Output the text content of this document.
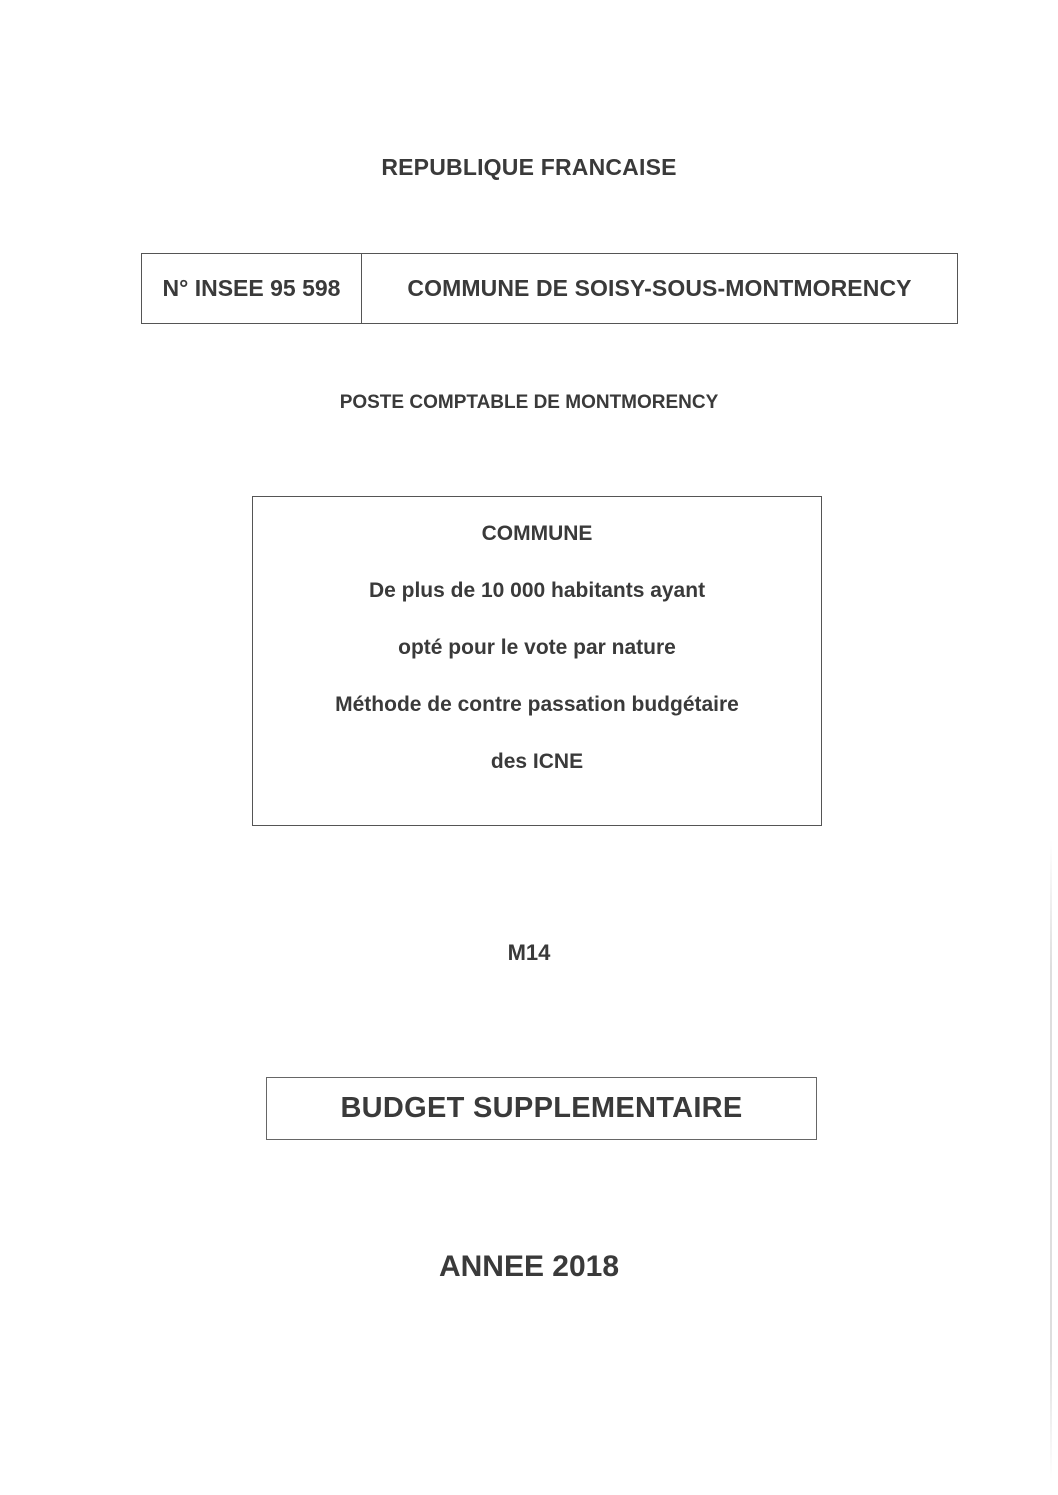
REPUBLIQUE FRANCAISE
N° INSEE 95 598	COMMUNE DE SOISY-SOUS-MONTMORENCY
POSTE COMPTABLE DE MONTMORENCY
COMMUNE
De plus de 10 000 habitants ayant
opté pour le vote par nature
Méthode de contre passation budgétaire
des ICNE
M14
BUDGET SUPPLEMENTAIRE
ANNEE 2018
